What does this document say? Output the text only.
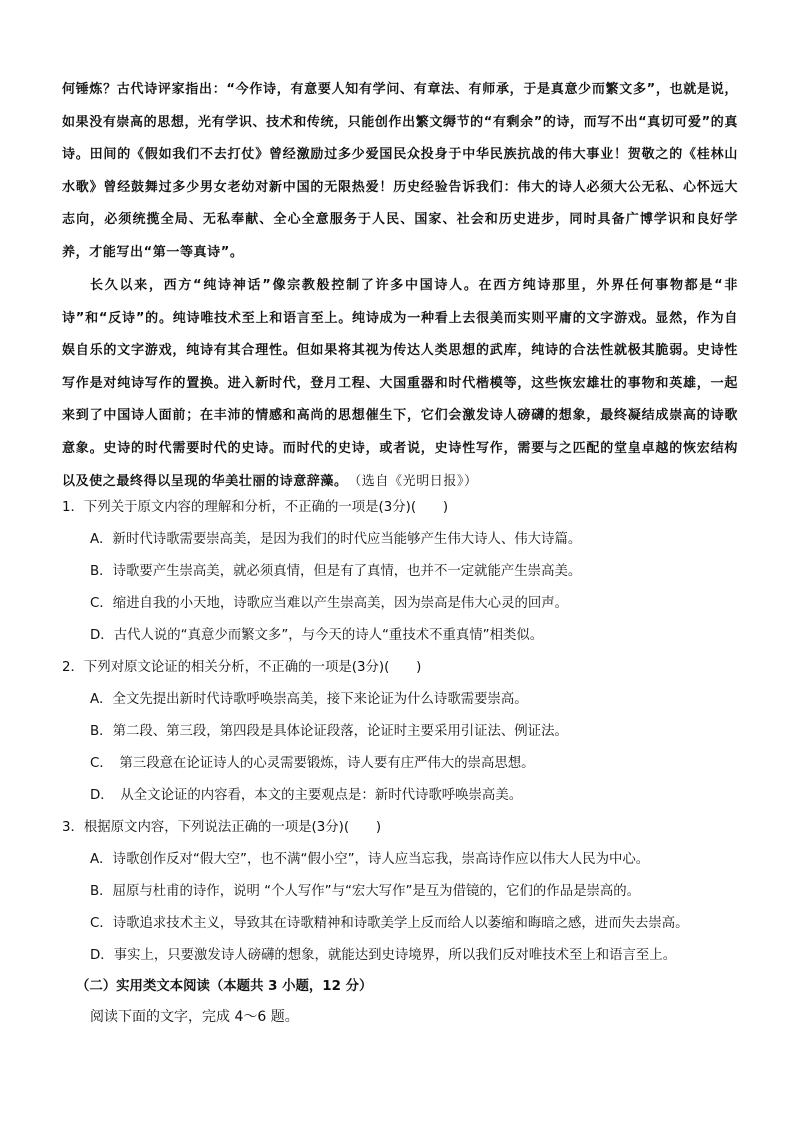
何锤炼？古代诗评家指出：“今作诗，有意要人知有学问、有章法、有师承，于是真意少而繁文多”，也就是说，如果没有崇高的思想，光有学识、技术和传统，只能创作出繁文缛节的“有剩余”的诗，而写不出“真切可爱”的真诗。田间的《假如我们不去打仗》曾经激励过多少爱国民众投身于中华民族抗战的伟大事业！贺敬之的《桂林山水歌》曾经鼓舞过多少男女老幼对新中国的无限热爱！历史经验告诉我们：伟大的诗人必须大公无私、心怀远大志向，必须统揽全局、无私奉献、全心全意服务于人民、国家、社会和历史进步，同时具备广博学识和良好学养，才能写出“第一等真诗”。
长久以来，西方“纯诗神话”像宗教般控制了许多中国诗人。在西方纯诗那里，外界任何事物都是“非诗”和“反诗”的。纯诗唯技术至上和语言至上。纯诗成为一种看上去很美而实则平庸的文字游戏。显然，作为自娱自乐的文字游戏，纯诗有其合理性。但如果将其视为传达人类思想的武库，纯诗的合法性就极其脆弱。史诗性写作是对纯诗写作的置换。进入新时代，登月工程、大国重器和时代楷模等，这些恢宏雄壮的事物和英雄，一起来到了中国诗人面前；在丰沛的情感和高尚的思想催生下，它们会激发诗人磅礴的想象，最终凝结成崇高的诗歌意象。史诗的时代需要时代的史诗。而时代的史诗，或者说，史诗性写作，需要与之匹配的堂皇卓越的恢宏结构以及使之最终得以呈现的华美壮丽的诗意辞藻。　（选自《光明日报》）
1．下列关于原文内容的理解和分析，不正确的一项是(3分)(　　)
A．新时代诗歌需要崇高美，是因为我们的时代应当能够产生伟大诗人、伟大诗篇。
B．诗歌要产生崇高美，就必须真情，但是有了真情，也并不一定就能产生崇高美。
C．缩进自我的小天地，诗歌应当难以产生崇高美，因为崇高是伟大心灵的回声。
D．古代人说的“真意少而繁文多”，与今天的诗人“重技术不重真情”相类似。
2．下列对原文论证的相关分析，不正确的一项是(3分)(　　)
A．全文先提出新时代诗歌呼唤崇高美，接下来论证为什么诗歌需要崇高。
B．第二段、第三段，第四段是具体论证段落，论证时主要采用引证法、例证法。
C．　第三段意在论证诗人的心灵需要锻炼，诗人要有庄严伟大的崇高思想。
D．　从全文论证的内容看，本文的主要观点是：新时代诗歌呼唤崇高美。
3．根据原文内容，下列说法正确的一项是(3分)(　　)
A．诗歌创作反对“假大空”，也不满“假小空”，诗人应当忘我，崇高诗作应以伟大人民为中心。
B．屈原与杜甫的诗作，说明 “个人写作”与“宏大写作”是互为借镜的，它们的作品是崇高的。
C．诗歌追求技术主义，导致其在诗歌精神和诗歌美学上反而给人以萎缩和晦暗之感，进而失去崇高。
D．事实上，只要激发诗人磅礴的想象，就能达到史诗境界，所以我们反对唯技术至上和语言至上。
（二）实用类文本阅读（本题共 3 小题，12 分）
阅读下面的文字，完成 4～6 题。
